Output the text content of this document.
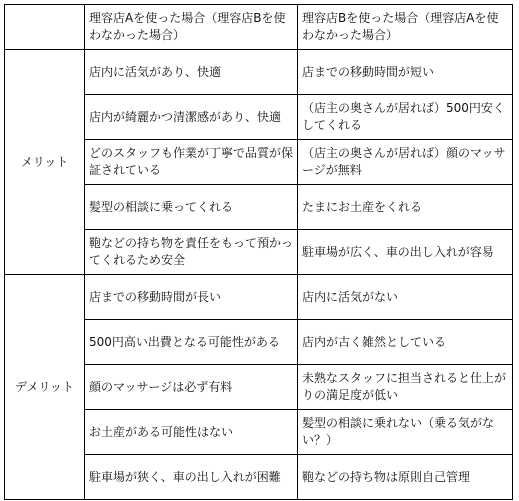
	理容店Aを使った場合（理容店Bを使わなかった場合）	理容店Bを使った場合（理容店Aを使わなかった場合）
メリット	店内に活気があり、快適	店までの移動時間が短い
	店内が綺麗かつ清潔感があり、快適	（店主の奥さんが居れば）500円安くしてくれる
	どのスタッフも作業が丁寧で品質が保証されている	（店主の奥さんが居れば）顔のマッサージが無料
	髪型の相談に乗ってくれる	たまにお土産をくれる
	鞄などの持ち物を責任をもって預かってくれるため安全	駐車場が広く、車の出し入れが容易
デメリット	店までの移動時間が長い	店内に活気がない
	500円高い出費となる可能性がある	店内が古く雑然としている
	顔のマッサージは必ず有料	未熟なスタッフに担当されると仕上がりの満足度が低い
	お土産がある可能性はない	髪型の相談に乗れない（乗る気がない？）
	駐車場が狭く、車の出し入れが困難	鞄などの持ち物は原則自己管理
